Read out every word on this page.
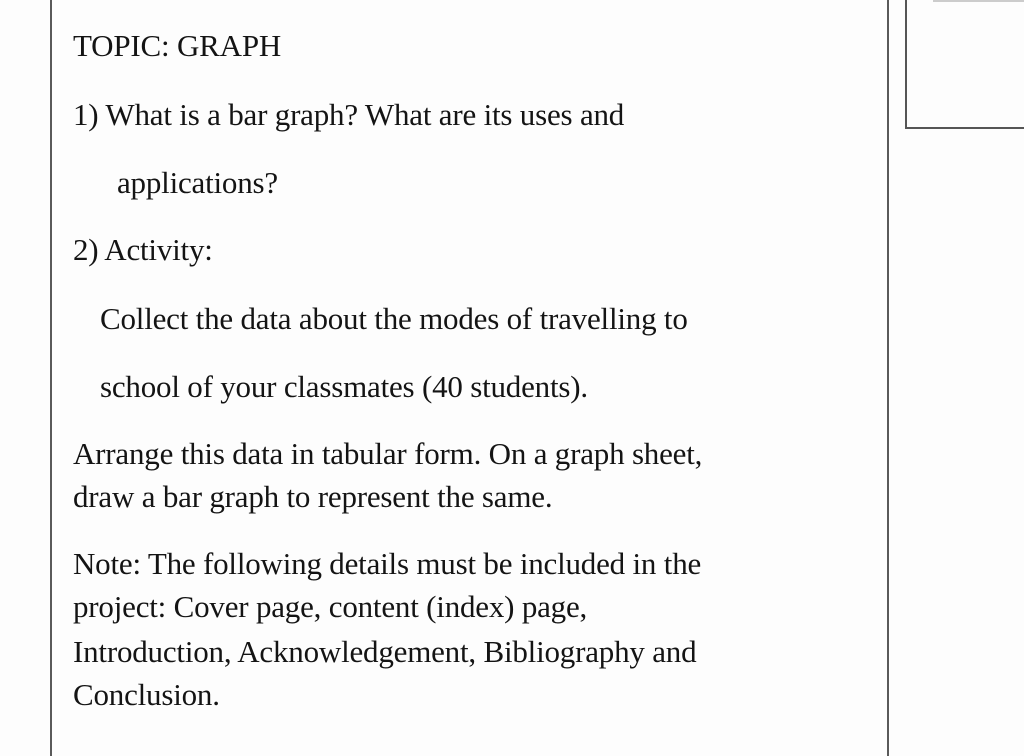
TOPIC: GRAPH
1) What is a bar graph? What are its uses and
applications?
2) Activity:
Collect the data about the modes of travelling to
school of your classmates (40 students).
Arrange this data in tabular form. On a graph sheet,
draw a bar graph to represent the same.
Note: The following details must be included in the
project: Cover page, content (index) page,
Introduction, Acknowledgement, Bibliography and
Conclusion.
